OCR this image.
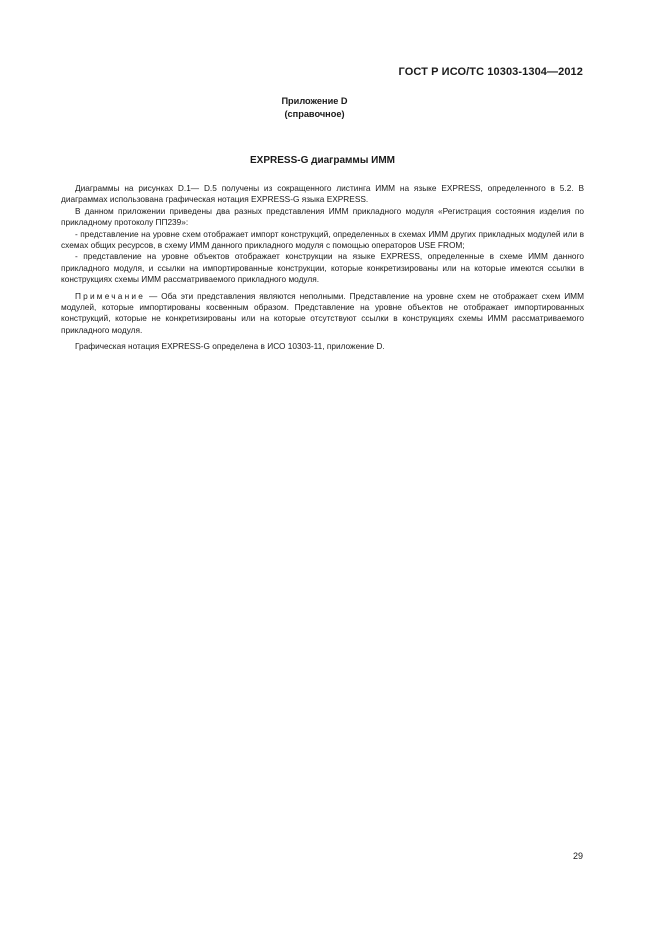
ГОСТ Р ИСО/ТС 10303-1304—2012
Приложение D
(справочное)
EXPRESS-G диаграммы ИММ

Диаграммы на рисунках D.1— D.5 получены из сокращенного листинга ИММ на языке EXPRESS, определенного в 5.2. В диаграммах использована графическая нотация EXPRESS-G языка EXPRESS.

В данном приложении приведены два разных представления ИММ прикладного модуля «Регистрация состояния изделия по прикладному протоколу ПП239»:

- представление на уровне схем отображает импорт конструкций, определенных в схемах ИММ других прикладных модулей или в схемах общих ресурсов, в схему ИММ данного прикладного модуля с помощью операторов USE FROM;

- представление на уровне объектов отображает конструкции на языке EXPRESS, определенные в схеме ИММ данного прикладного модуля, и ссылки на импортированные конструкции, которые конкретизированы или на которые имеются ссылки в конструкциях схемы ИММ рассматриваемого прикладного модуля.

Примечание — Оба эти представления являются неполными. Представление на уровне схем не отображает схем ИММ модулей, которые импортированы косвенным образом. Представление на уровне объектов не отображает импортированных конструкций, которые не конкретизированы или на которые отсутствуют ссылки в конструкциях схемы ИММ рассматриваемого прикладного модуля.

Графическая нотация EXPRESS-G определена в ИСО 10303-11, приложение D.

29
